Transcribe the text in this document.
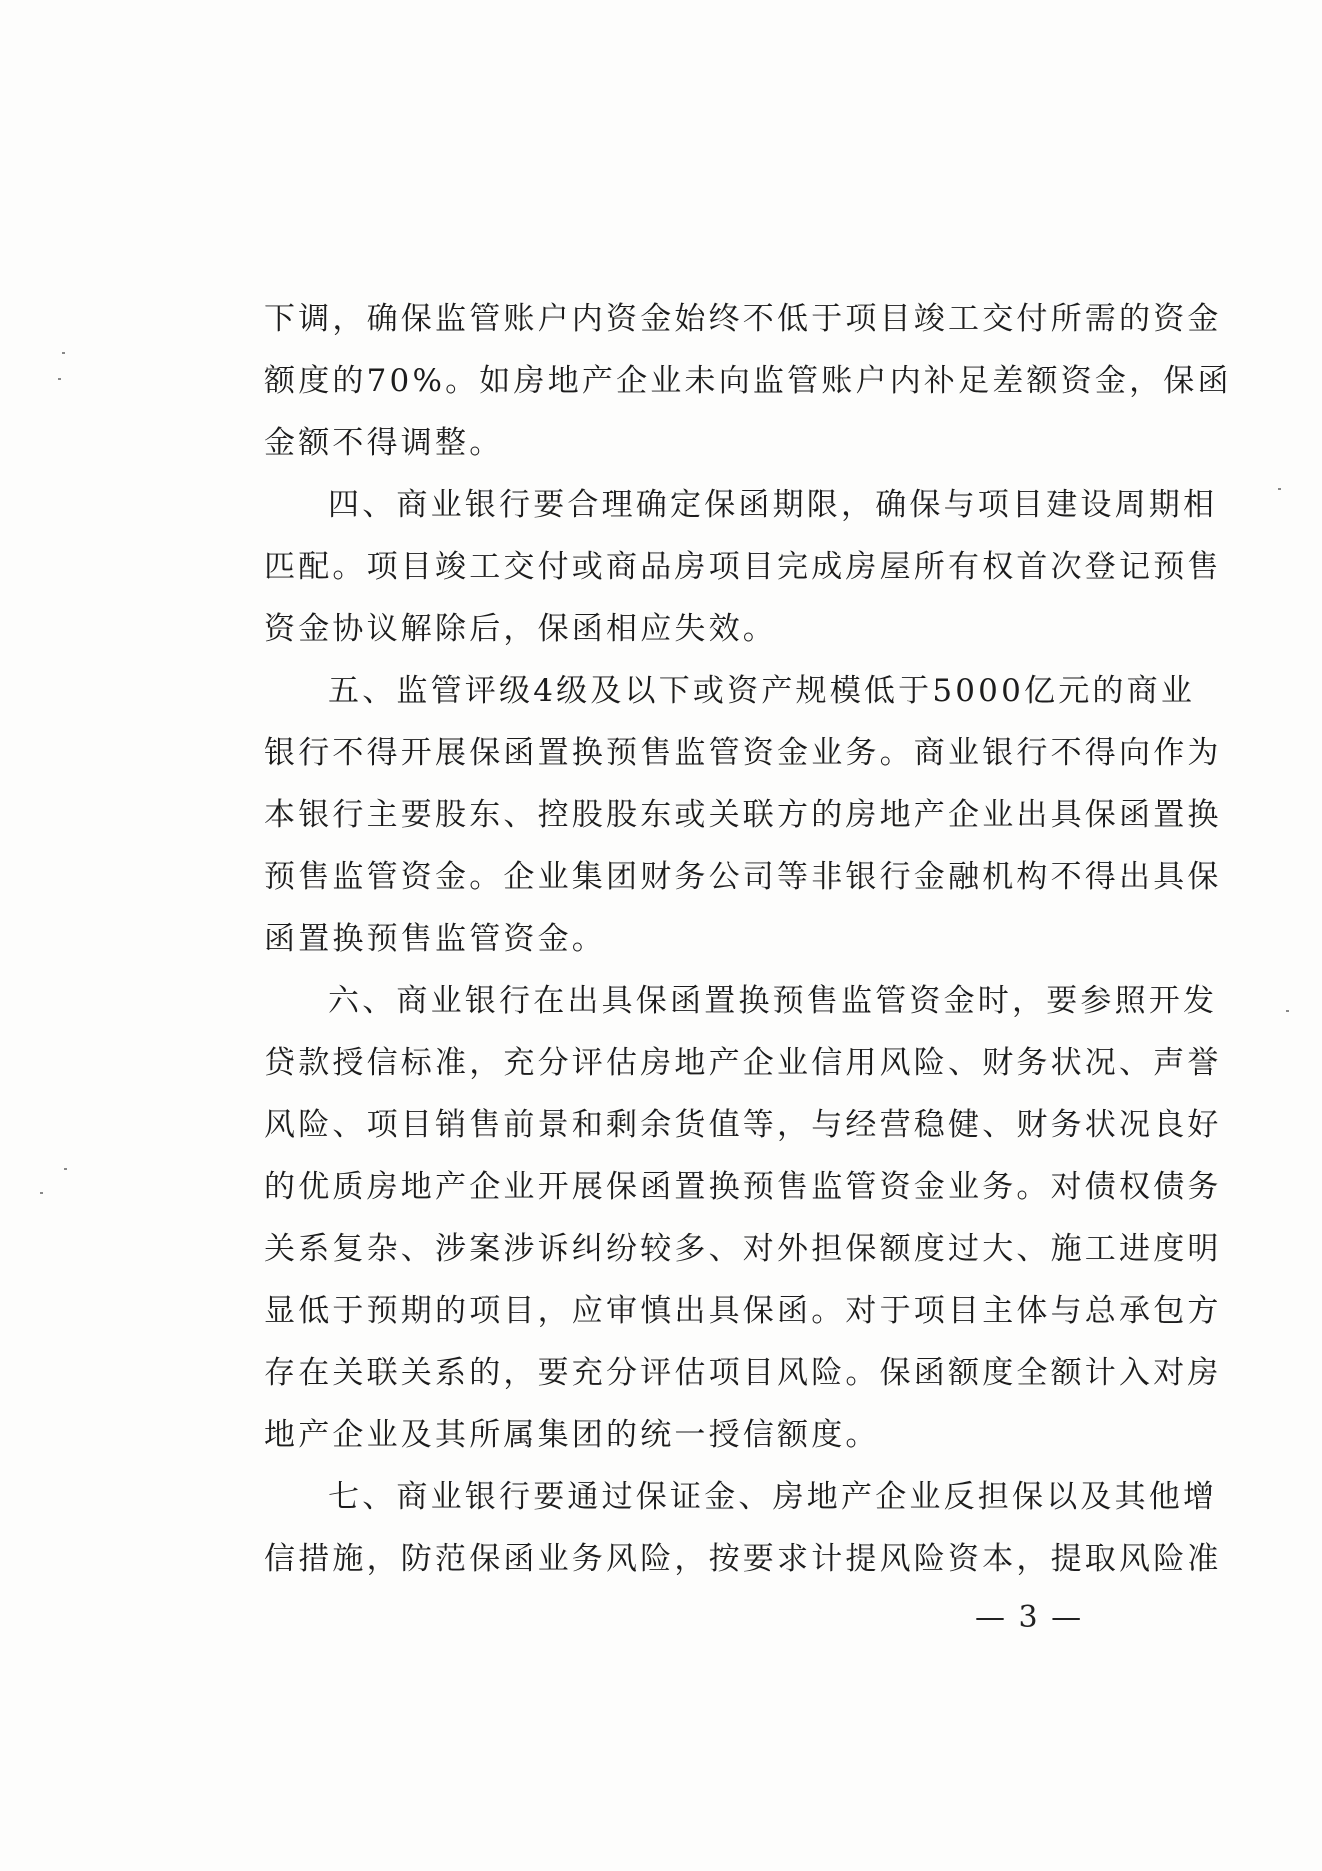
下调，确保监管账户内资金始终不低于项目竣工交付所需的资金
额度的70%。如房地产企业未向监管账户内补足差额资金，保函
金额不得调整。
四、商业银行要合理确定保函期限，确保与项目建设周期相
匹配。项目竣工交付或商品房项目完成房屋所有权首次登记预售
资金协议解除后，保函相应失效。
五、监管评级4级及以下或资产规模低于5000亿元的商业
银行不得开展保函置换预售监管资金业务。商业银行不得向作为
本银行主要股东、控股股东或关联方的房地产企业出具保函置换
预售监管资金。企业集团财务公司等非银行金融机构不得出具保
函置换预售监管资金。
六、商业银行在出具保函置换预售监管资金时，要参照开发
贷款授信标准，充分评估房地产企业信用风险、财务状况、声誉
风险、项目销售前景和剩余货值等，与经营稳健、财务状况良好
的优质房地产企业开展保函置换预售监管资金业务。对债权债务
关系复杂、涉案涉诉纠纷较多、对外担保额度过大、施工进度明
显低于预期的项目，应审慎出具保函。对于项目主体与总承包方
存在关联关系的，要充分评估项目风险。保函额度全额计入对房
地产企业及其所属集团的统一授信额度。
七、商业银行要通过保证金、房地产企业反担保以及其他增
信措施，防范保函业务风险，按要求计提风险资本，提取风险准
— 3 —
